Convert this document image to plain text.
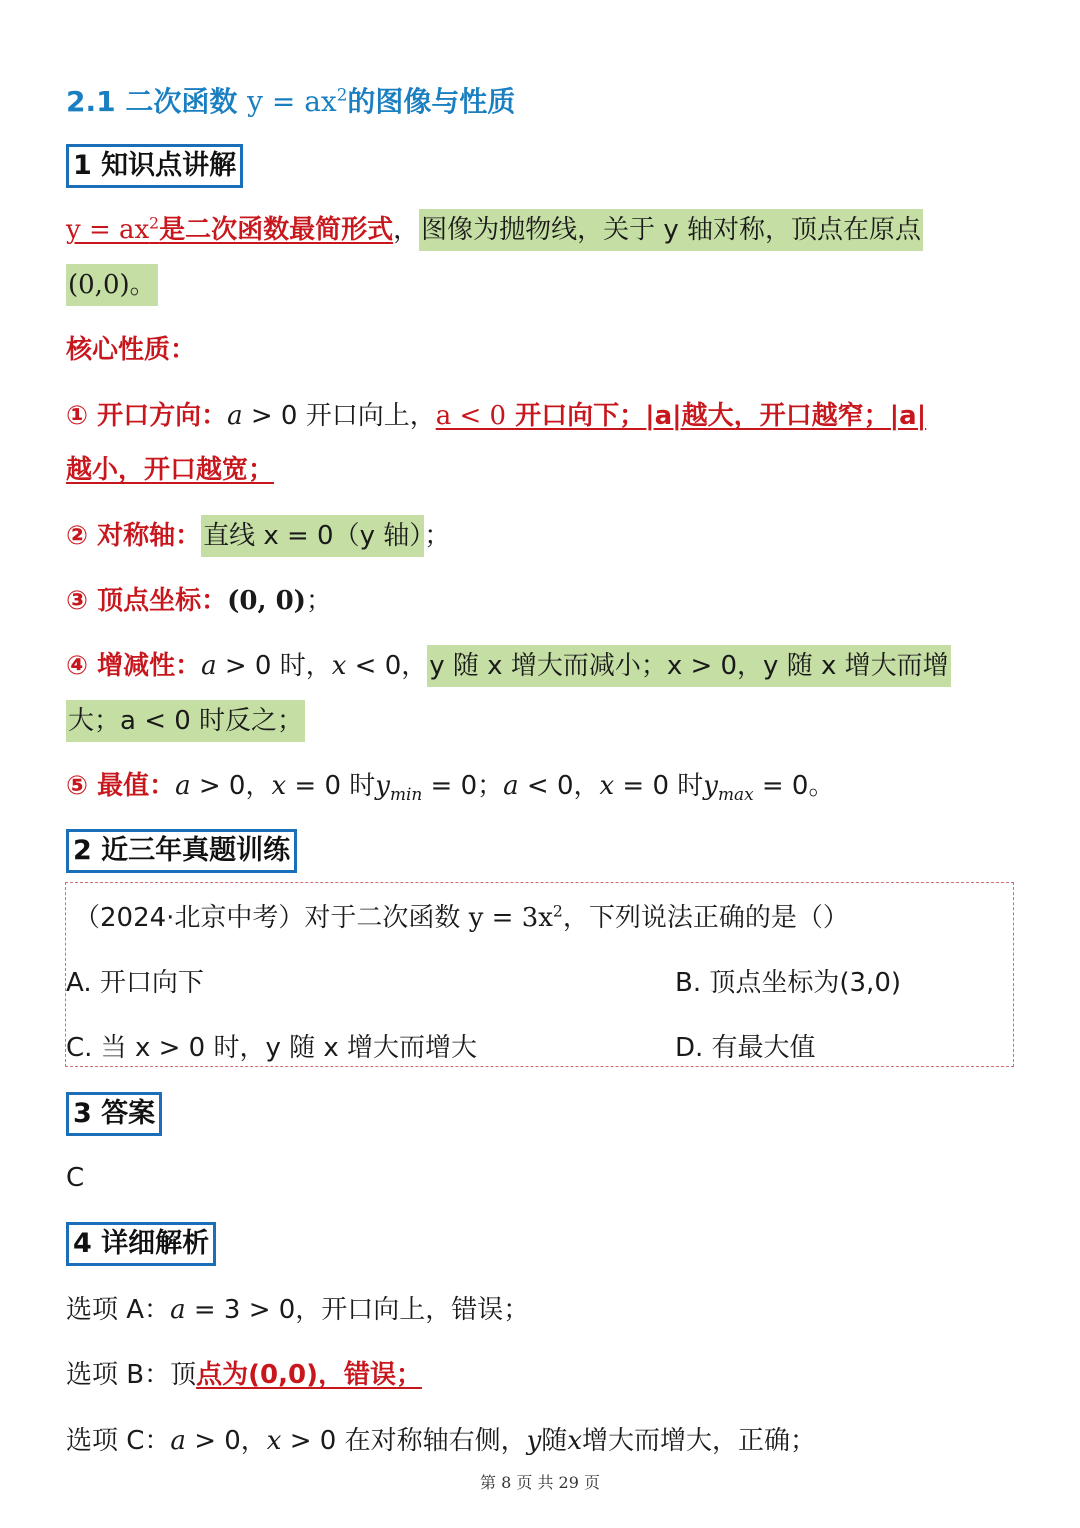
2.1 二次函数 $y = ax^2$的图像与性质
1 知识点讲解
$y = ax^2$是二次函数最简形式，图像为抛物线，关于 y 轴对称，顶点在原点
(0,0)。
核心性质：
① 开口方向：a > 0 开口向上，a < 0 开口向下；|a|越大，开口越窄；|a|
越小，开口越宽；
② 对称轴：直线 x = 0（y 轴）；
③ 顶点坐标：(0, 0)；
④ 增减性：a > 0 时，x < 0，y 随 x 增大而减小；x > 0，y 随 x 增大而增
大；a < 0 时反之；
⑤ 最值：a > 0，x = 0 时$y_{min} = 0$；a < 0，x = 0 时$y_{max} = 0$。
2 近三年真题训练
（2024·北京中考）对于二次函数 $y = 3x^2$，下列说法正确的是（）
A. 开口向下	B. 顶点坐标为(3,0)
C. 当 x > 0 时，y 随 x 增大而增大	D. 有最大值
3 答案
C
4 详细解析
选项 A：a = 3 > 0，开口向上，错误；
选项 B：顶点为(0,0)，错误；
选项 C：a > 0，x > 0 在对称轴右侧，y随x增大而增大，正确；
第 8 页 共 29 页
